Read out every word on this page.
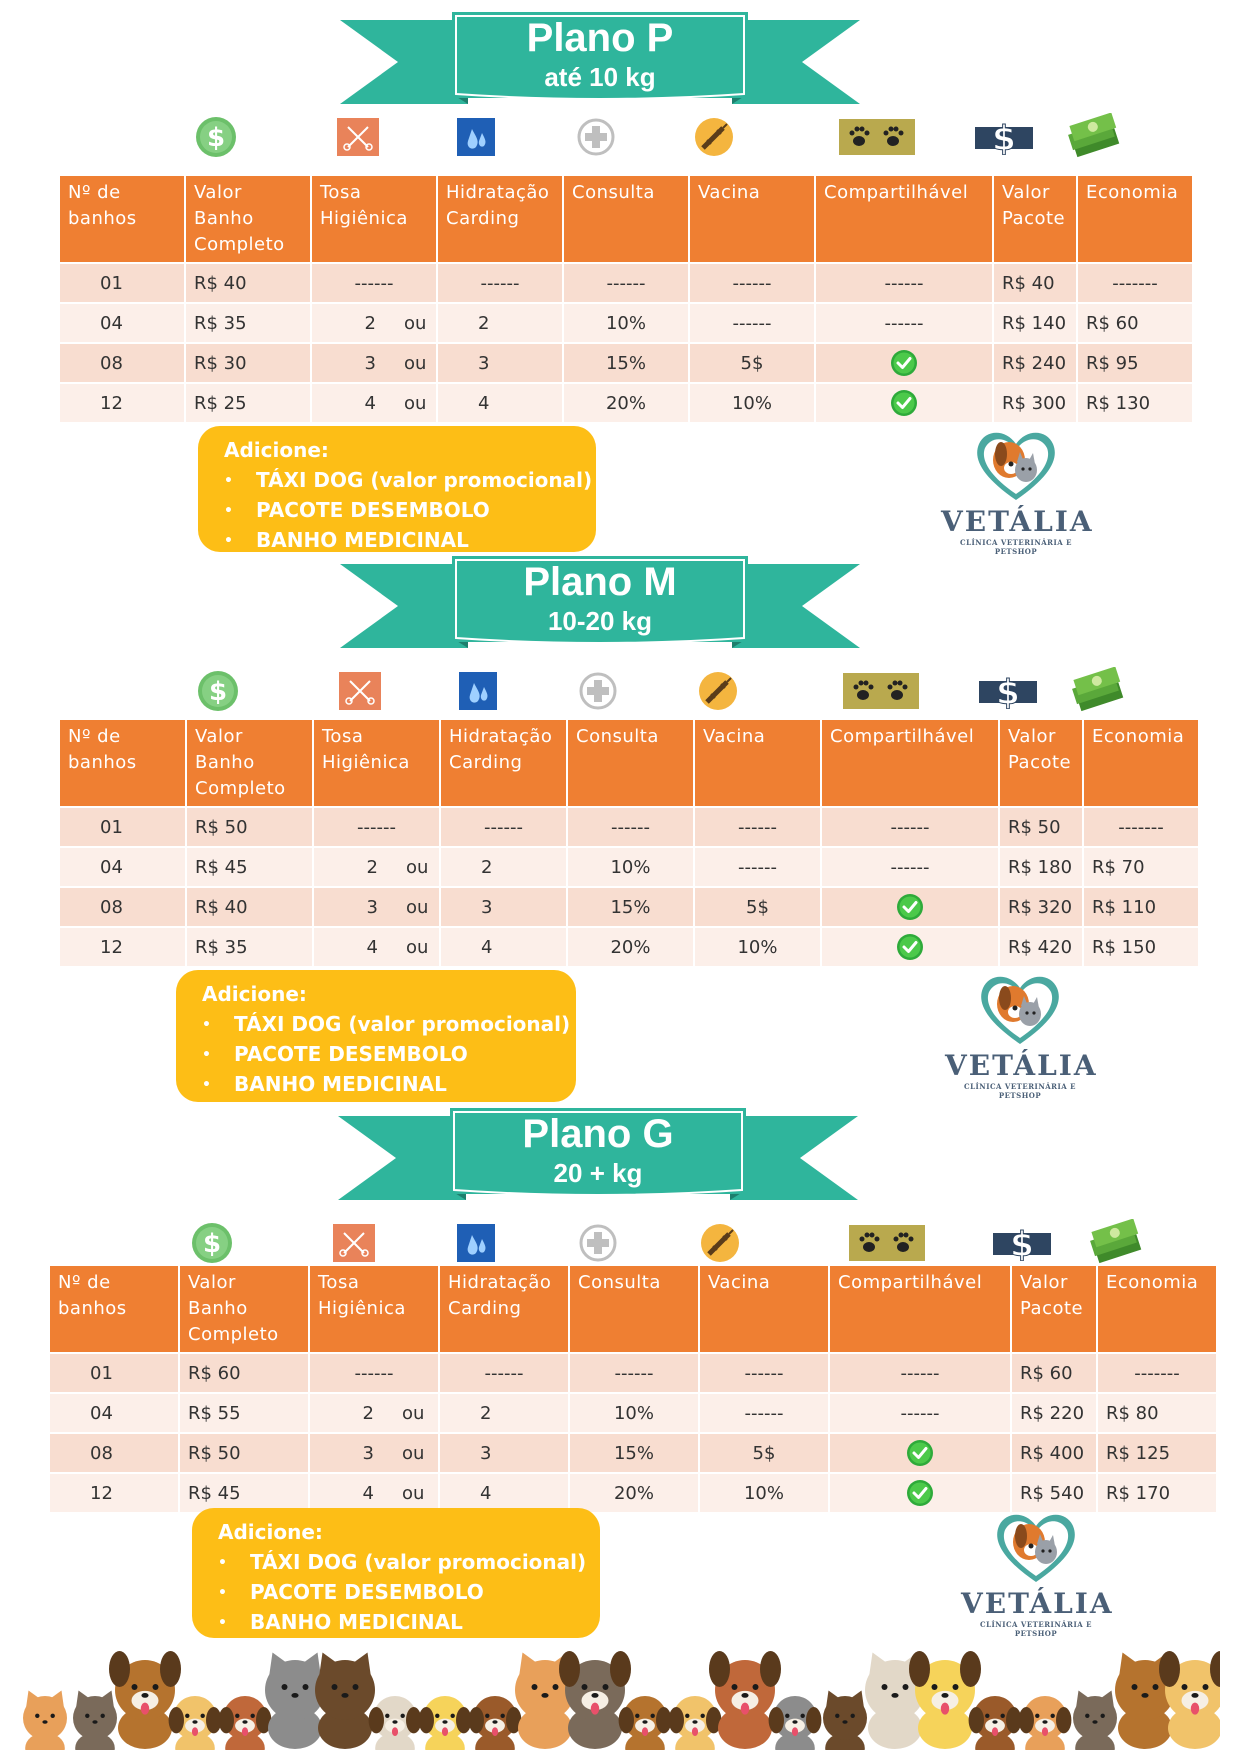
Plano P
até 10 kg
$	$
Nº de banhos	Valor Banho Completo	Tosa Higiênica	Hidratação Carding	Consulta	Vacina	Compartilhável	Valor Pacote	Economia
01	R$ 40	------	------	------	------	------	R$ 40	-------
04	R$ 35	2 ou	2	10%	------	------	R$ 140	R$ 60
08	R$ 30	3 ou	3	15%	5$		R$ 240	R$ 95
12	R$ 25	4 ou	4	20%	10%		R$ 300	R$ 130
Adicione:
• TÁXI DOG (valor promocional)
• PACOTE DESEMBOLO
• BANHO MEDICINAL
VETÁLIA
CLÍNICA VETERINÁRIA E PETSHOP
Plano M
10-20 kg
$	$
Nº de banhos	Valor Banho Completo	Tosa Higiênica	Hidratação Carding	Consulta	Vacina	Compartilhável	Valor Pacote	Economia
01	R$ 50	------	------	------	------	------	R$ 50	-------
04	R$ 45	2 ou	2	10%	------	------	R$ 180	R$ 70
08	R$ 40	3 ou	3	15%	5$		R$ 320	R$ 110
12	R$ 35	4 ou	4	20%	10%		R$ 420	R$ 150
Adicione:
• TÁXI DOG (valor promocional)
• PACOTE DESEMBOLO
• BANHO MEDICINAL
VETÁLIA
CLÍNICA VETERINÁRIA E PETSHOP
Plano G
20 + kg
$	$
Nº de banhos	Valor Banho Completo	Tosa Higiênica	Hidratação Carding	Consulta	Vacina	Compartilhável	Valor Pacote	Economia
01	R$ 60	------	------	------	------	------	R$ 60	-------
04	R$ 55	2 ou	2	10%	------	------	R$ 220	R$ 80
08	R$ 50	3 ou	3	15%	5$		R$ 400	R$ 125
12	R$ 45	4 ou	4	20%	10%		R$ 540	R$ 170
Adicione:
• TÁXI DOG (valor promocional)
• PACOTE DESEMBOLO
• BANHO MEDICINAL
VETÁLIA
CLÍNICA VETERINÁRIA E PETSHOP
